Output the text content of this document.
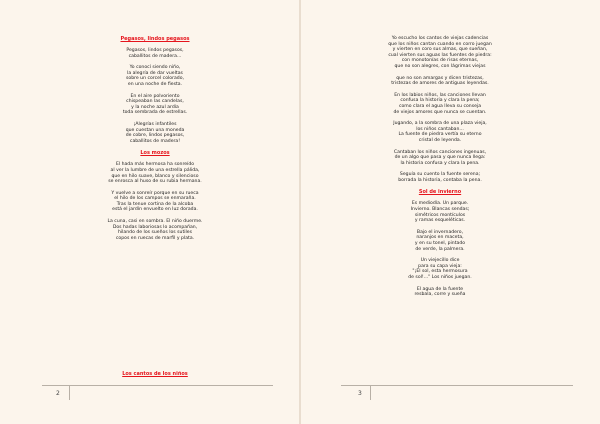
Pegasos, lindos pegasos
Pegasos, lindos pegasos,
caballitos de madera...
Yo conocí siendo niño,
la alegría de dar vueltas
sobre un corcel colorado,
en una noche de fiesta.
En el aire polvoriento
chispeaban las candelas,
y la noche azul ardía
toda sembrada de estrellas.
¡Alegrías infantiles
que cuestan una moneda
de cobre, lindos pegasos,
caballitos de madera!
Los mozos
El hada más hermosa ha sonreído
al ver la lumbre de una estrella pálida,
que en hilo suave, blanco y silencioso
se enrosca al huso de su rubia hermana.
Y vuelve a sonreír porque en su rueca
el hilo de los campos se enmaraña.
Tras la tenue cortina de la alcoba
está el jardín envuelto en luz dorada.
La cuna, casi en sombra. El niño duerme.
Dos hadas laboriosas lo acompañan,
hilando de los sueños los sutiles
copos en ruecas de marfil y plata.
Los cantos de los niños
2
Yo escucho los cantos de viejas cadencias
que los niños cantan cuando en corro juegan
y vierten en coro sus almas, que sueñan,
cual vierten sus aguas las fuentes de piedra:
con monotonías de risas eternas,
que no son alegres, con lágrimas viejas
que no son amargas y dicen tristezas,
tristezas de amores de antiguas leyendas.
En los labios niños, las canciones llevan
confusa la historia y clara la pena;
como clara el agua lleva su conseja
de viejos amores que nunca se cuentan.
Jugando, a la sombra de una plaza vieja,
los niños cantaban...
La fuente de piedra vertía su eterno
cristal de leyenda.
Cantaban los niños canciones ingenuas,
de un algo que pasa y que nunca llega:
la historia confusa y clara la pena.
Seguía su cuento la fuente serena;
borrada la historia, contaba la pena.
Sol de invierno
Es mediodía. Un parque.
Invierno. Blancas sendas;
simétricos montículos
y ramas esqueléticas.
Bajo el invernadero,
naranjos en maceta,
y en su tonel, pintado
de verde, la palmera.
Un viejecillo dice
para su capa vieja:
"¡El sol, esta hermosura
de sol!..." Los niños juegan.
El agua de la fuente
resbala, corre y sueña
3
